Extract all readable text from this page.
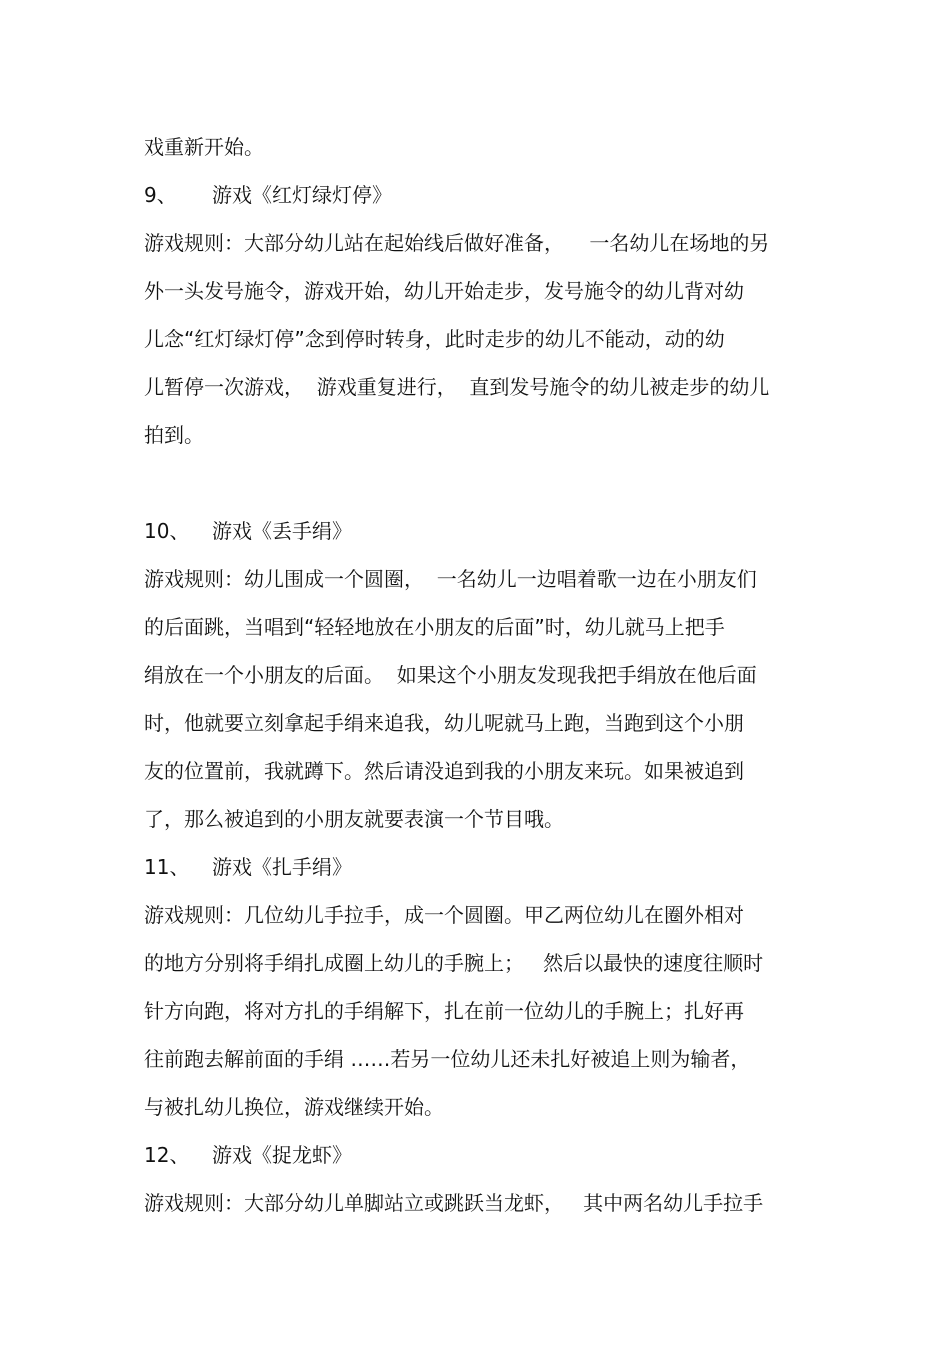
戏重新开始。
9、 游戏《红灯绿灯停》
游戏规则：大部分幼儿站在起始线后做好准备，    一名幼儿在场地的另
外一头发号施令，游戏开始，幼儿开始走步，发号施令的幼儿背对幼
儿念“红灯绿灯停”念到停时转身，此时走步的幼儿不能动，动的幼
儿暂停一次游戏，  游戏重复进行，  直到发号施令的幼儿被走步的幼儿
拍到。
10、 游戏《丢手绢》
游戏规则：幼儿围成一个圆圈，  一名幼儿一边唱着歌一边在小朋友们
的后面跳，当唱到“轻轻地放在小朋友的后面”时，幼儿就马上把手
绢放在一个小朋友的后面。  如果这个小朋友发现我把手绢放在他后面
时，他就要立刻拿起手绢来追我，幼儿呢就马上跑，当跑到这个小朋
友的位置前，我就蹲下。然后请没追到我的小朋友来玩。如果被追到
了，那么被追到的小朋友就要表演一个节目哦。
11、 游戏《扎手绢》
游戏规则：几位幼儿手拉手，成一个圆圈。甲乙两位幼儿在圈外相对
的地方分别将手绢扎成圈上幼儿的手腕上；   然后以最快的速度往顺时
针方向跑，将对方扎的手绢解下，扎在前一位幼儿的手腕上；扎好再
往前跑去解前面的手绢 ……若另一位幼儿还未扎好被追上则为输者，
与被扎幼儿换位，游戏继续开始。
12、 游戏《捉龙虾》
游戏规则：大部分幼儿单脚站立或跳跃当龙虾，   其中两名幼儿手拉手
